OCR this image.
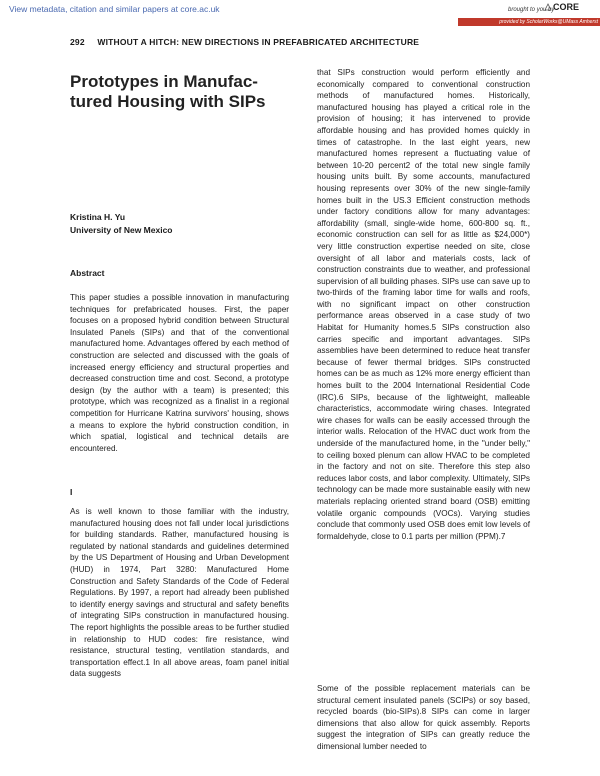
View metadata, citation and similar papers at core.ac.uk	brought to you by
CORE
provided by ScholarWorks@UMass Amherst
292 WITHOUT A HITCH: NEW DIRECTIONS IN PREFABRICATED ARCHITECTURE
Prototypes in Manufac-tured Housing with SIPs
Kristina H. Yu
University of New Mexico
Abstract

This paper studies a possible innovation in manufacturing techniques for prefabricated houses. First, the paper focuses on a proposed hybrid condition between Structural Insulated Panels (SIPs) and that of the conventional manufactured home. Advantages offered by each method of construction are selected and discussed with the goals of increased energy efficiency and structural properties and decreased construction time and cost. Second, a prototype design (by the author with a team) is presented; this prototype, which was recognized as a finalist in a regional competition for Hurricane Katrina survivors' housing, shows a means to explore the hybrid construction condition, in which spatial, logistical and technical details are encountered.

I

As is well known to those familiar with the industry, manufactured housing does not fall under local jurisdictions for building standards. Rather, manufactured housing is regulated by national standards and guidelines determined by the US Department of Housing and Urban Development (HUD) in 1974, Part 3280: Manufactured Home Construction and Safety Standards of the Code of Federal Regulations. By 1997, a report had already been published to identify energy savings and structural and safety benefits of integrating SIPs construction in manufactured housing. The report highlights the possible areas to be further studied in relationship to HUD codes: fire resistance, wind resistance, structural testing, ventilation standards, and transportation effect.1 In all above areas, foam panel initial data suggests

that SIPs construction would perform efficiently and economically compared to conventional construction methods of manufactured homes. Historically, manufactured housing has played a critical role in the provision of housing; it has intervened to provide affordable housing and has provided homes quickly in times of catastrophe. In the last eight years, new manufactured homes represent a fluctuating value of between 10-20 percent2 of the total new single family housing units built. By some accounts, manufactured housing represents over 30% of the new single-family homes built in the US.3 Efficient construction methods under factory conditions allow for many advantages: affordability (small, single-wide home, 600-800 sq. ft., economic construction can sell for as little as $24,000*) very little construction expertise needed on site, close oversight of all labor and materials costs, lack of construction constraints due to weather, and professional supervision of all building phases. SIPs use can save up to two-thirds of the framing labor time for walls and roofs, with no significant impact on other construction performance areas observed in a case study of two Habitat for Humanity homes.5 SIPs construction also carries specific and important advantages. SIPs assemblies have been determined to reduce heat transfer because of fewer thermal bridges. SIPs constructed homes can be as much as 12% more energy efficient than homes built to the 2004 International Residential Code (IRC).6 SIPs, because of the lightweight, malleable characteristics, accommodate wiring chases. Integrated wire chases for walls can be easily accessed through the interior walls. Relocation of the HVAC duct work from the underside of the manufactured home, in the "under belly," to ceiling boxed plenum can allow HVAC to be completed in the factory and not on site. Therefore this step also reduces labor costs, and labor complexity. Ultimately, SIPs technology can be made more sustainable easily with new materials replacing oriented strand board (OSB) emitting volatile organic compounds (VOCs). Varying studies conclude that commonly used OSB does emit low levels of formaldehyde, close to 0.1 parts per million (PPM).7

Some of the possible replacement materials can be structural cement insulated panels (SCIPs) or soy based, recycled boards (bio-SIPs).8 SIPs can come in larger dimensions that also allow for quick assembly. Reports suggest the integration of SIPs can greatly reduce the dimensional lumber needed to
